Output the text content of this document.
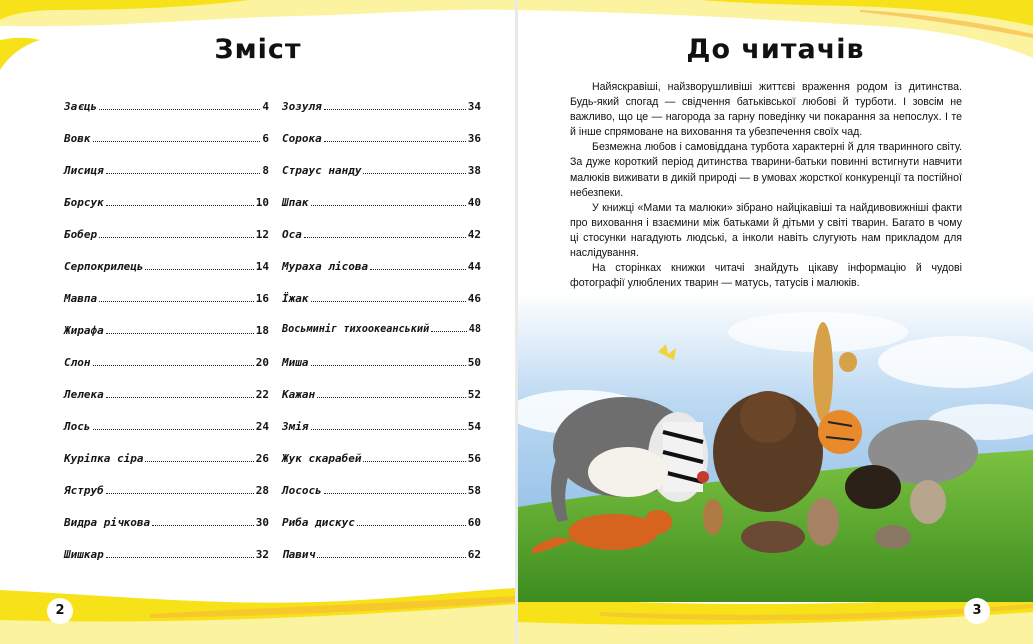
Зміст
Заєць	4
Вовк	6
Лисиця	8
Борсук	10
Бобер	12
Серпокрилець	14
Мавпа	16
Жирафа	18
Слон	20
Лелека	22
Лось	24
Куріпка сіра	26
Яструб	28
Видра річкова	30
Шишкар	32
Зозуля	34
Сорока	36
Страус нанду	38
Шпак	40
Оса	42
Мураха лісова	44
Їжак	46
Восьминіг тихоокеанський	48
Миша	50
Кажан	52
Змія	54
Жук скарабей	56
Лосось	58
Риба дискус	60
Павич	62
2
До читачів

Найяскравіші, найзворушливіші життєві враження родом із дитинства. Будь-який спогад — свідчення батьківської любові й турботи. І зовсім не важливо, що це — нагорода за гарну поведінку чи покарання за непослух. І те й інше спрямоване на виховання та убезпечення своїх чад.

Безмежна любов і самовіддана турбота характерні й для тваринного світу. За дуже короткий період дитинства тварини-батьки повинні встигнути навчити малюків виживати в дикій природі — в умовах жорсткої конкуренції та постійної небезпеки.

У книжці «Мами та малюки» зібрано найцікавіші та найдивовижніші факти про виховання і взаємини між батьками й дітьми у світі тварин. Багато в чому ці стосунки нагадують людські, а інколи навіть слугують нам прикладом для наслідування.

На сторінках книжки читачі знайдуть цікаву інформацію й чудові фотографії улюблених тварин — матусь, татусів і малюків.

3
